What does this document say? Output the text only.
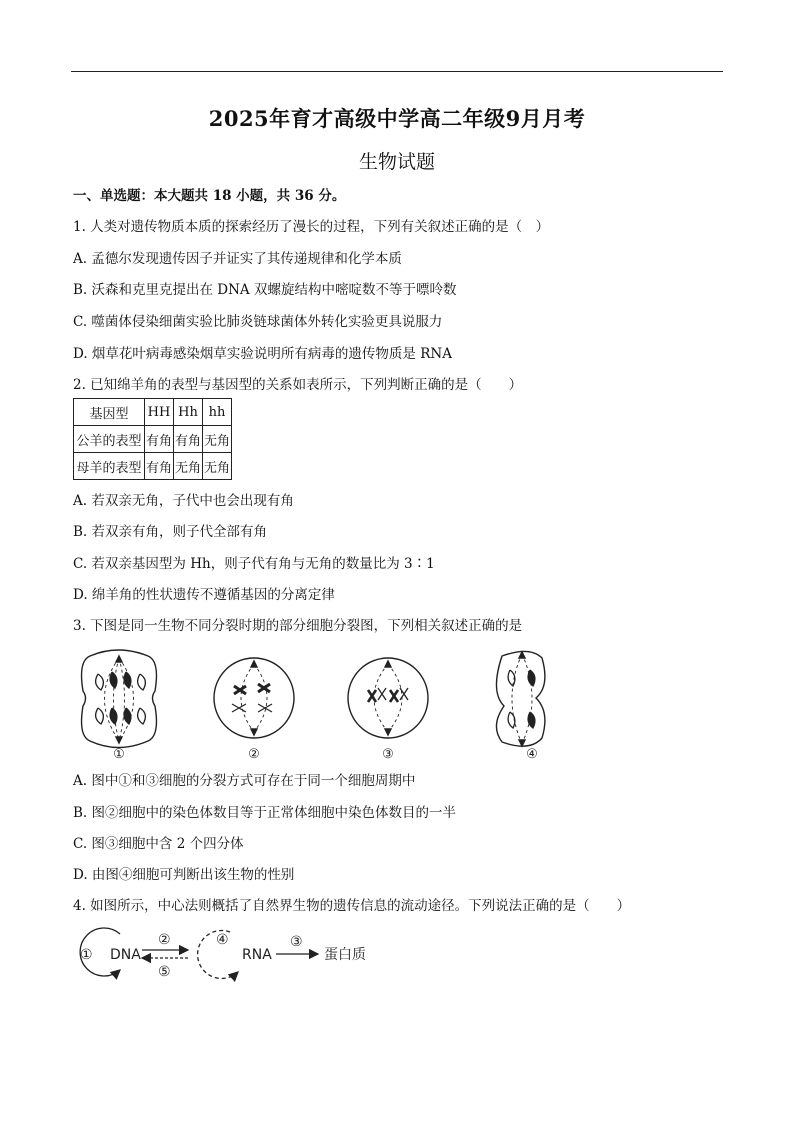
2025年育才高级中学高二年级9月月考
生物试题
一、单选题：本大题共 18 小题，共 36 分。
1. 人类对遗传物质本质的探索经历了漫长的过程，下列有关叙述正确的是（　）
A. 孟德尔发现遗传因子并证实了其传递规律和化学本质
B. 沃森和克里克提出在 DNA 双螺旋结构中嘧啶数不等于嘌呤数
C. 噬菌体侵染细菌实验比肺炎链球菌体外转化实验更具说服力
D. 烟草花叶病毒感染烟草实验说明所有病毒的遗传物质是 RNA
2. 已知绵羊角的表型与基因型的关系如表所示，下列判断正确的是（　　）
基因型	HH	Hh	hh
公羊的表型	有角	有角	无角
母羊的表型	有角	无角	无角
A. 若双亲无角，子代中也会出现有角
B. 若双亲有角，则子代全部有角
C. 若双亲基因型为 Hh，则子代有角与无角的数量比为 3∶1
D. 绵羊角的性状遗传不遵循基因的分离定律
3. 下图是同一生物不同分裂时期的部分细胞分裂图，下列相关叙述正确的是
①	②	③	④
A. 图中①和③细胞的分裂方式可存在于同一个细胞周期中
B. 图②细胞中的染色体数目等于正常体细胞中染色体数目的一半
C. 图③细胞中含 2 个四分体
D. 由图④细胞可判断出该生物的性别
4. 如图所示，中心法则概括了自然界生物的遗传信息的流动途径。下列说法正确的是（　　）
DNA	RNA	蛋白质
①
②
⑤
④	③
